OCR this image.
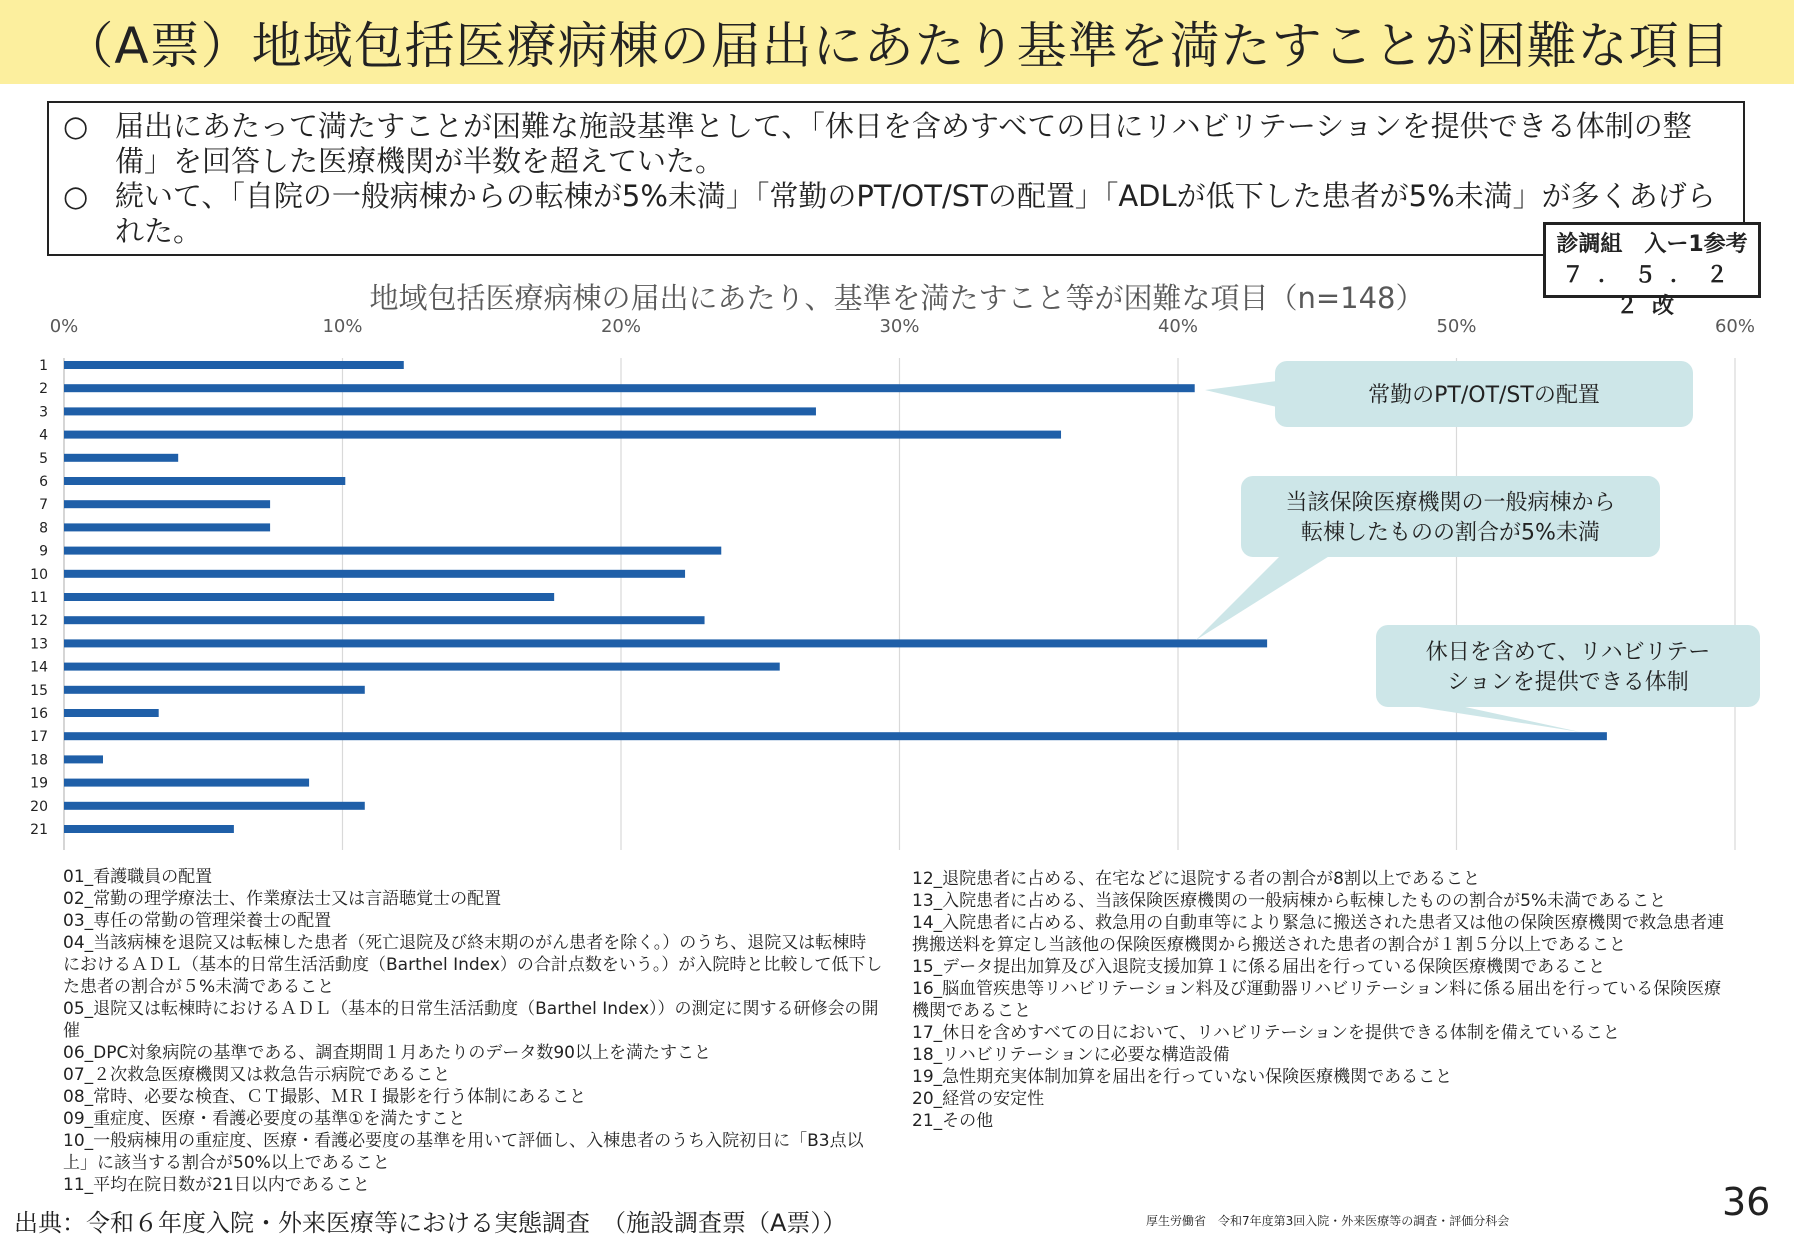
（A票）地域包括医療病棟の届出にあたり基準を満たすことが困難な項目
○ 届出にあたって満たすことが困難な施設基準として、「休日を含めすべての日にリハビリテーションを提供できる体制の整備」を回答した医療機関が半数を超えていた。
○ 続いて、「自院の一般病棟からの転棟が5%未満」「常勤のPT/OT/STの配置」「ADLが低下した患者が5%未満」が多くあげられた。	診調組　入ー1参考
７．５．２２改
地域包括医療病棟の届出にあたり、基準を満たすこと等が困難な項目（n=148）
0%	10%	20%	30%	40%	50%	60%
1
2
3
4
5
6
7
8
9
10
11
12
13
14
15
16
17
18
19
20
21
常勤のPT/OT/STの配置
当該保険医療機関の一般病棟から
転棟したものの割合が5%未満
休日を含めて、リハビリテー
ションを提供できる体制
01_看護職員の配置
02_常勤の理学療法士、作業療法士又は言語聴覚士の配置
03_専任の常勤の管理栄養士の配置
04_当該病棟を退院又は転棟した患者（死亡退院及び終末期のがん患者を除く。）のうち、退院又は転棟時におけるＡＤＬ（基本的日常生活活動度（Barthel Index）の合計点数をいう。）が入院時と比較して低下した患者の割合が５%未満であること
05_退院又は転棟時におけるＡＤＬ（基本的日常生活活動度（Barthel Index））の測定に関する研修会の開催
06_DPC対象病院の基準である、調査期間１月あたりのデータ数90以上を満たすこと
07_２次救急医療機関又は救急告示病院であること
08_常時、必要な検査、ＣＴ撮影、ＭＲＩ撮影を行う体制にあること
09_重症度、医療・看護必要度の基準①を満たすこと
10_一般病棟用の重症度、医療・看護必要度の基準を用いて評価し、入棟患者のうち入院初日に「B3点以上」に該当する割合が50%以上であること
11_平均在院日数が21日以内であること
12_退院患者に占める、在宅などに退院する者の割合が8割以上であること
13_入院患者に占める、当該保険医療機関の一般病棟から転棟したものの割合が5%未満であること
14_入院患者に占める、救急用の自動車等により緊急に搬送された患者又は他の保険医療機関で救急患者連携搬送料を算定し当該他の保険医療機関から搬送された患者の割合が１割５分以上であること
15_データ提出加算及び入退院支援加算１に係る届出を行っている保険医療機関であること
16_脳血管疾患等リハビリテーション料及び運動器リハビリテーション料に係る届出を行っている保険医療機関であること
17_休日を含めすべての日において、リハビリテーションを提供できる体制を備えていること
18_リハビリテーションに必要な構造設備
19_急性期充実体制加算を届出を行っていない保険医療機関であること
20_経営の安定性
21_その他
出典：令和６年度入院・外来医療等における実態調査　（施設調査票（A票））	厚生労働省　令和7年度第3回入院・外来医療等の調査・評価分科会	36
